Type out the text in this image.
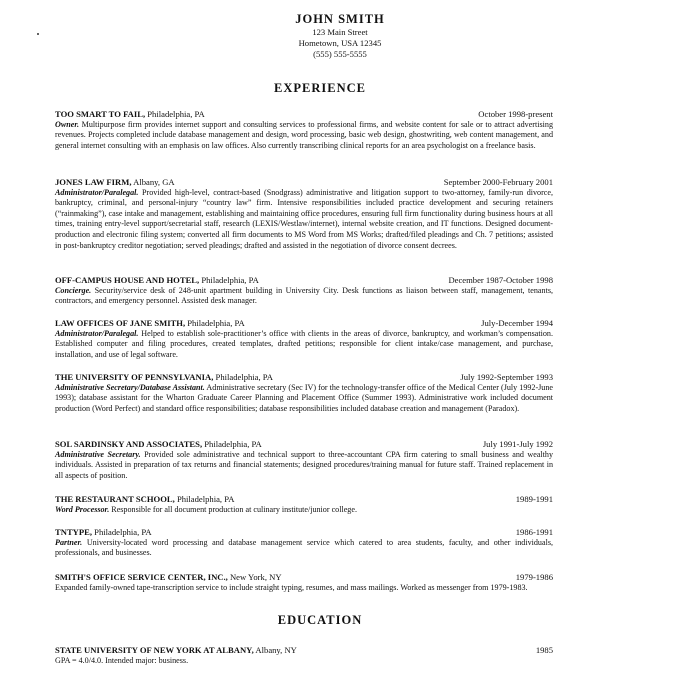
JOHN SMITH
123 Main Street
Hometown, USA 12345
(555) 555-5555
EXPERIENCE
TOO SMART TO FAIL, Philadelphia, PA	October 1998-present
Owner. Multipurpose firm provides internet support and consulting services to professional firms, and website content for sale or to attract advertising revenues. Projects completed include database management and design, word processing, basic web design, ghostwriting, web content management, and general internet consulting with an emphasis on law offices. Also currently transcribing clinical reports for an area psychologist on a freelance basis.
JONES LAW FIRM, Albany, GA	September 2000-February 2001
Administrator/Paralegal. Provided high-level, contract-based (Snodgrass) administrative and litigation support to two-attorney, family-run divorce, bankruptcy, criminal, and personal-injury “country law” firm. Intensive responsibilities included practice development and securing retainers (“rainmaking”), case intake and management, establishing and maintaining office procedures, ensuring full firm functionality during business hours at all times, training entry-level support/secretarial staff, research (LEXIS/Westlaw/internet), internal website creation, and IT functions. Designed document-production and electronic filing system; converted all firm documents to MS Word from MS Works; drafted/filed pleadings and Ch. 7 petitions; assisted in post-bankruptcy creditor negotiation; served pleadings; drafted and assisted in the negotiation of divorce consent decrees.
OFF-CAMPUS HOUSE AND HOTEL, Philadelphia, PA	December 1987-October 1998
Concierge. Security/service desk of 248-unit apartment building in University City. Desk functions as liaison between staff, management, tenants, contractors, and emergency personnel. Assisted desk manager.
LAW OFFICES OF JANE SMITH, Philadelphia, PA	July-December 1994
Administrator/Paralegal. Helped to establish sole-practitioner’s office with clients in the areas of divorce, bankruptcy, and workman’s compensation. Established computer and filing procedures, created templates, drafted petitions; responsible for client intake/case management, and purchase, installation, and use of legal software.
THE UNIVERSITY OF PENNSYLVANIA, Philadelphia, PA	July 1992-September 1993
Administrative Secretary/Database Assistant. Administrative secretary (Sec IV) for the technology-transfer office of the Medical Center (July 1992-June 1993); database assistant for the Wharton Graduate Career Planning and Placement Office (Summer 1993). Administrative work included document production (Word Perfect) and standard office responsibilities; database responsibilities included database creation and management (Paradox).
SOL SARDINSKY AND ASSOCIATES, Philadelphia, PA	July 1991-July 1992
Administrative Secretary. Provided sole administrative and technical support to three-accountant CPA firm catering to small business and wealthy individuals. Assisted in preparation of tax returns and financial statements; designed procedures/training manual for future staff. Trained replacement in all aspects of position.
THE RESTAURANT SCHOOL, Philadelphia, PA	1989-1991
Word Processor. Responsible for all document production at culinary institute/junior college.
TNTYPE, Philadelphia, PA	1986-1991
Partner. University-located word processing and database management service which catered to area students, faculty, and other individuals, professionals, and businesses.
SMITH'S OFFICE SERVICE CENTER, INC., New York, NY	1979-1986
Expanded family-owned tape-transcription service to include straight typing, resumes, and mass mailings. Worked as messenger from 1979-1983.
EDUCATION
STATE UNIVERSITY OF NEW YORK AT ALBANY, Albany, NY	1985
GPA = 4.0/4.0. Intended major: business.
